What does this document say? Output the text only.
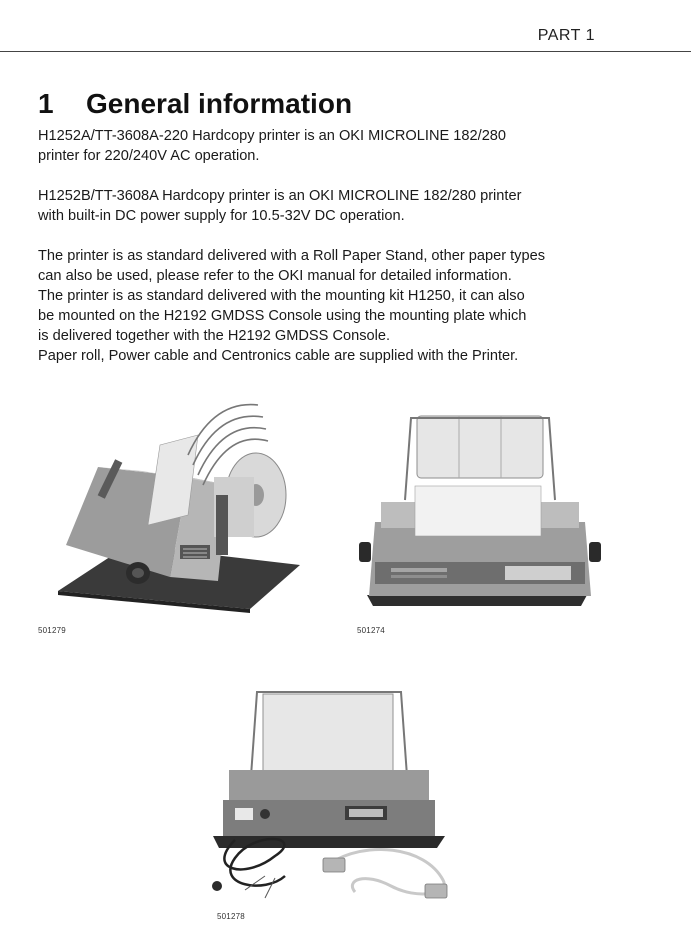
PART 1
1 General information
H1252A/TT-3608A-220 Hardcopy printer is an OKI MICROLINE 182/280
printer for 220/240V AC operation.
H1252B/TT-3608A Hardcopy printer is an OKI MICROLINE 182/280 printer
with built-in DC power supply for 10.5-32V DC operation.
The printer is as standard delivered with a Roll Paper Stand, other paper types
can also be used, please refer to the OKI manual for detailed information.
The printer is as standard delivered with the mounting kit H1250, it can also
be mounted on the H2192 GMDSS Console using the mounting plate which
is delivered together with the H2192 GMDSS Console.
Paper roll, Power cable and Centronics cable are supplied with the Printer.
501279	501274
501278
